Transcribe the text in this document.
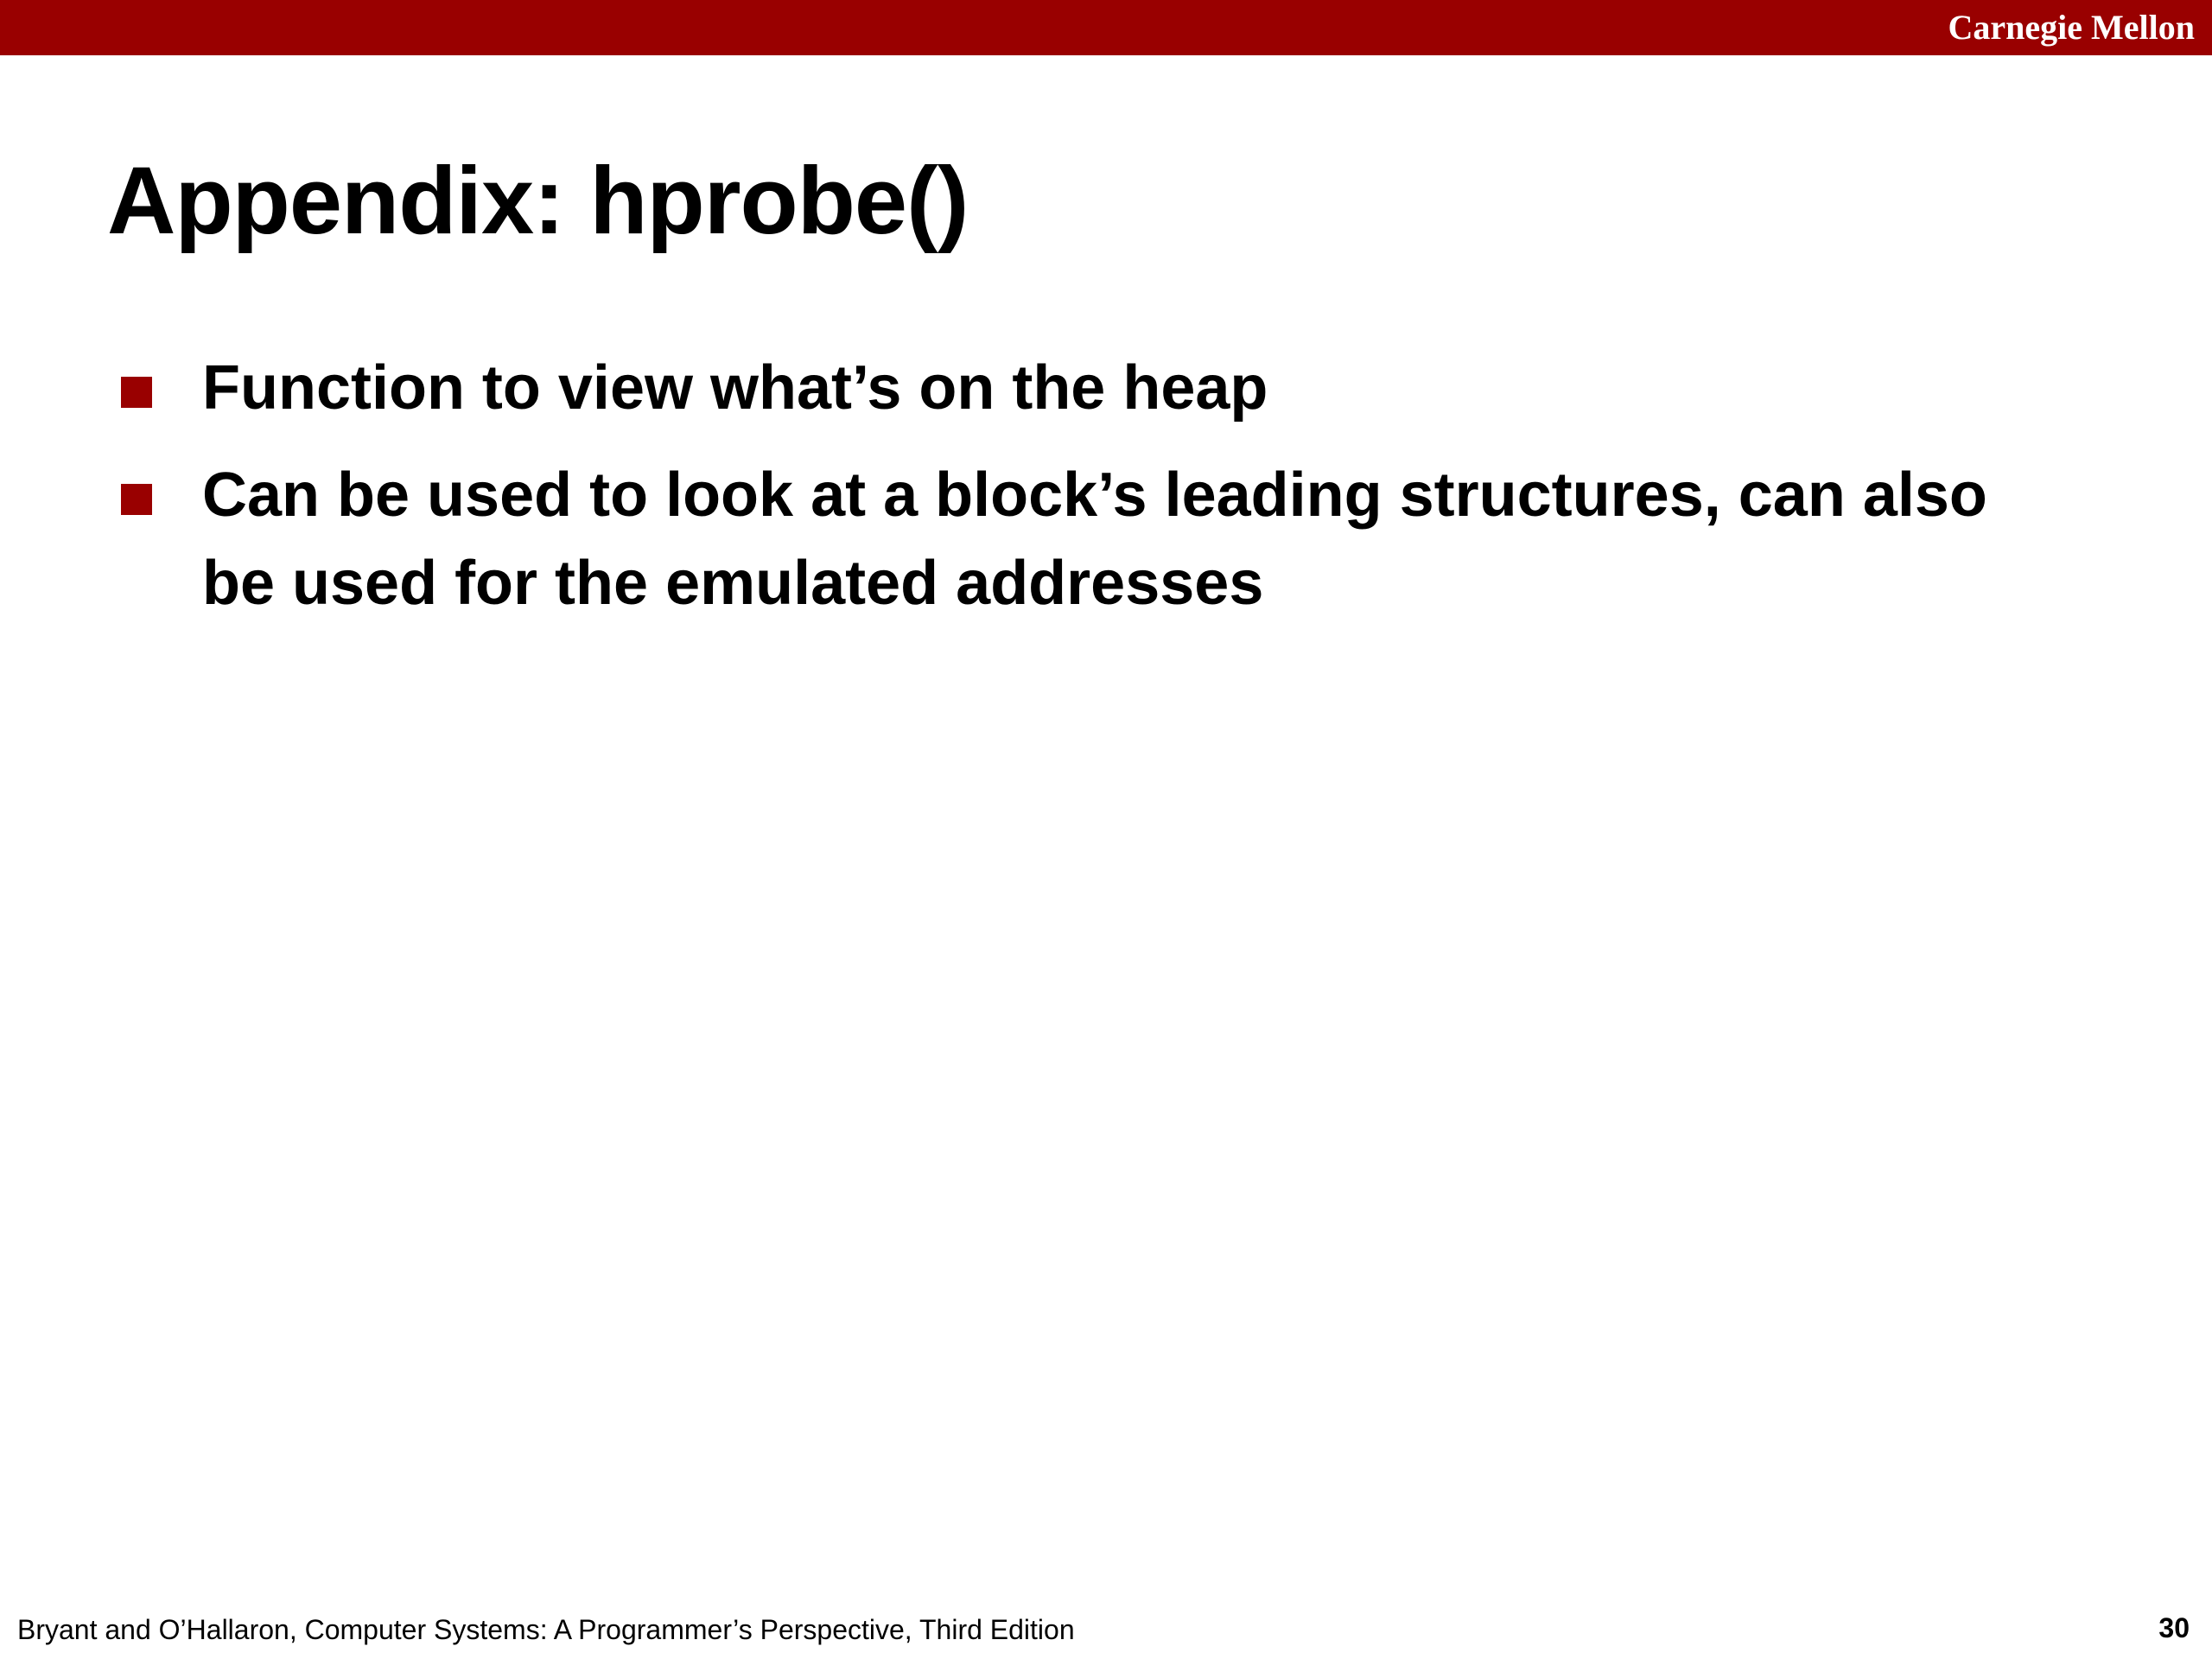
Carnegie Mellon
Appendix: hprobe()
Function to view what’s on the heap
Can be used to look at a block’s leading structures, can also be used for the emulated addresses
Bryant and O’Hallaron, Computer Systems: A Programmer’s Perspective, Third Edition	30
